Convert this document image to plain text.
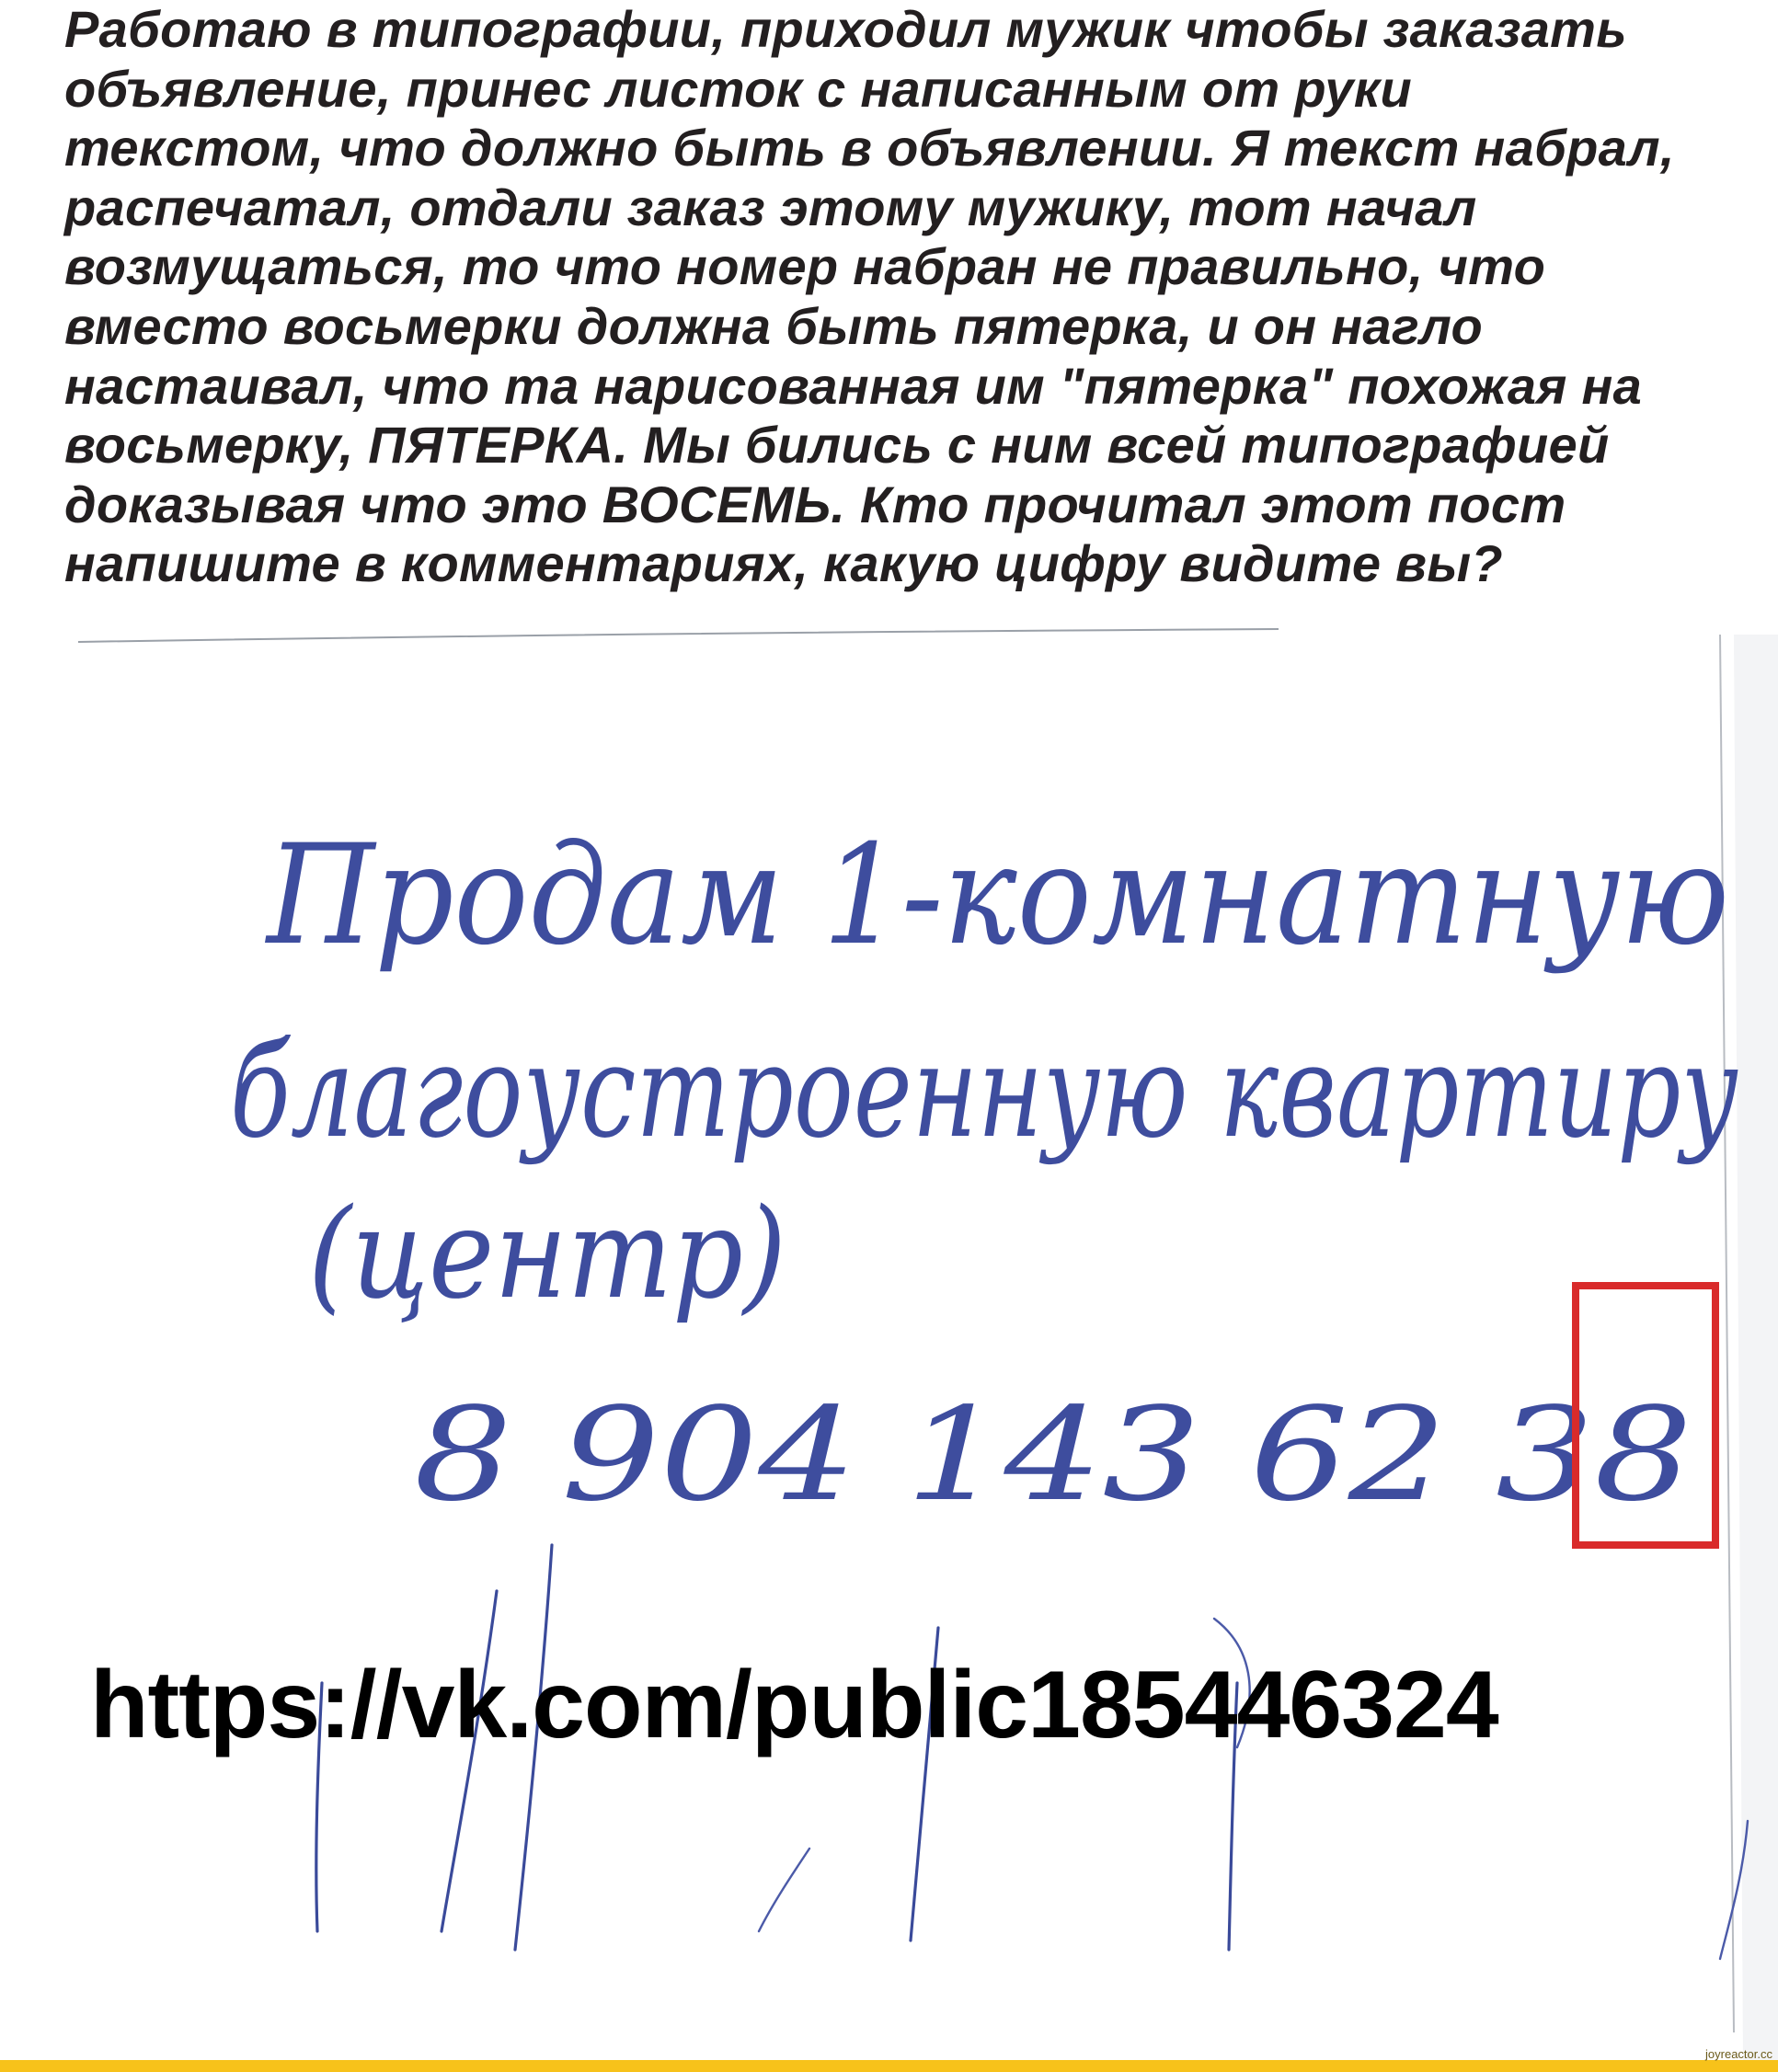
Работаю в типографии, приходил мужик чтобы заказать
объявление, принес листок с написанным от руки
текстом, что должно быть в объявлении. Я текст набрал,
распечатал, отдали заказ этому мужику, тот начал
возмущаться, то что номер набран не правильно, что
вместо восьмерки должна быть пятерка, и он нагло
настаивал, что та нарисованная им "пятерка" похожая на
восьмерку, ПЯТЕРКА. Мы бились с ним всей типографией
доказывая что это ВОСЕМЬ. Кто прочитал этот пост
напишите в комментариях, какую цифру видите вы?
Продам 1-комнатную
благоустроенную квартиру
(центр)
8 904 143 62 38
https://vk.com/public185446324
joyreactor.cc
